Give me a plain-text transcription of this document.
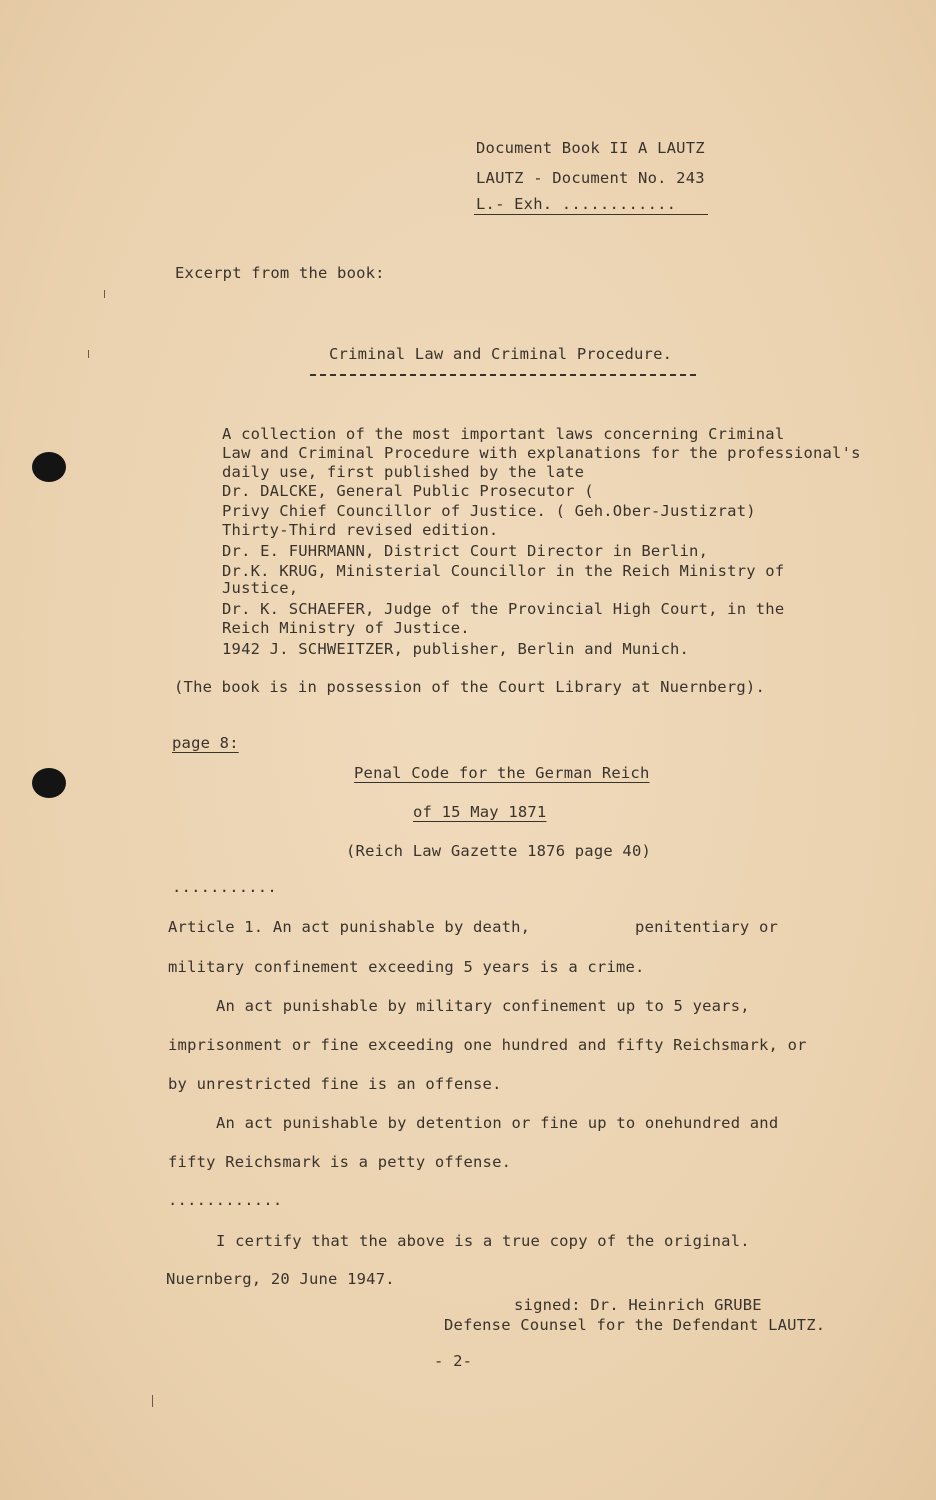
Document Book II A LAUTZ
LAUTZ - Document No. 243
L.- Exh. ............
Excerpt from the book:
Criminal Law and Criminal Procedure.
A collection of the most important laws concerning Criminal
Law and Criminal Procedure with explanations for the professional's
daily use, first published by the late
Dr. DALCKE, General Public Prosecutor (
Privy Chief Councillor of Justice. ( Geh.Ober-Justizrat)
Thirty-Third revised edition.
Dr. E. FUHRMANN, District Court Director in Berlin,
Dr.K. KRUG, Ministerial Councillor in the Reich Ministry of
Justice,
Dr. K. SCHAEFER, Judge of the Provincial High Court, in the
Reich Ministry of Justice.
1942 J. SCHWEITZER, publisher, Berlin and Munich.
(The book is in possession of the Court Library at Nuernberg).
page 8:
Penal Code for the German Reich
of 15 May 1871
(Reich Law Gazette 1876 page 40)
...........
Article 1. An act punishable by death,           penitentiary or
military confinement exceeding 5 years is a crime.
An act punishable by military confinement up to 5 years,
imprisonment or fine exceeding one hundred and fifty Reichsmark, or
by unrestricted fine is an offense.
An act punishable by detention or fine up to onehundred and
fifty Reichsmark is a petty offense.
............
I certify that the above is a true copy of the original.
Nuernberg, 20 June 1947.
signed: Dr. Heinrich GRUBE
Defense Counsel for the Defendant LAUTZ.
- 2-
